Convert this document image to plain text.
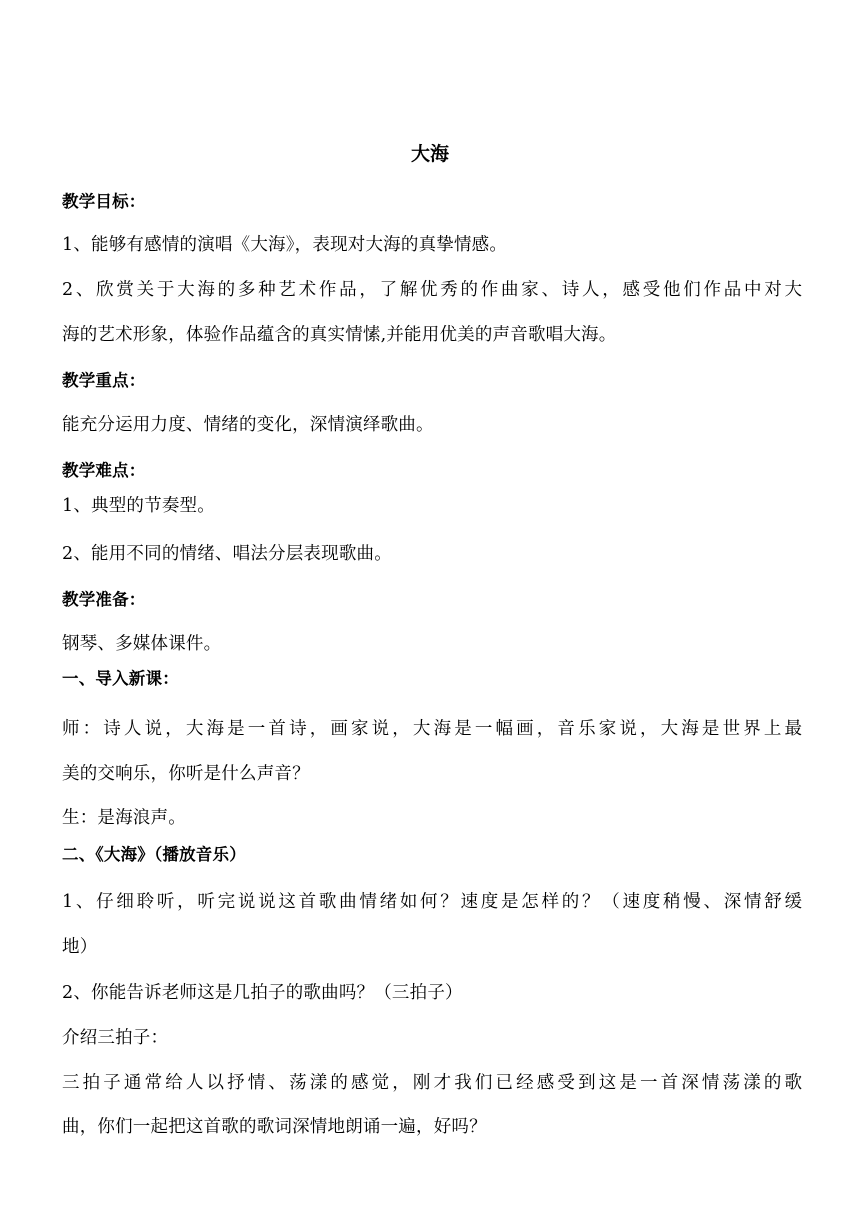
大海
教学目标：
1、能够有感情的演唱《大海》，表现对大海的真挚情感。
2、欣赏关于大海的多种艺术作品，了解优秀的作曲家、诗人，感受他们作品中对大
海的艺术形象，体验作品蕴含的真实情愫,并能用优美的声音歌唱大海。
教学重点：
能充分运用力度、情绪的变化，深情演绎歌曲。
教学难点：
1、典型的节奏型。
2、能用不同的情绪、唱法分层表现歌曲。
教学准备：
钢琴、多媒体课件。
一、导入新课：
师：诗人说，大海是一首诗，画家说，大海是一幅画，音乐家说，大海是世界上最
美的交响乐，你听是什么声音？
生：是海浪声。
二、《大海》（播放音乐）
1、仔细聆听，听完说说这首歌曲情绪如何？速度是怎样的？（速度稍慢、深情舒缓
地）
2、你能告诉老师这是几拍子的歌曲吗？（三拍子）
介绍三拍子：
三拍子通常给人以抒情、荡漾的感觉，刚才我们已经感受到这是一首深情荡漾的歌
曲，你们一起把这首歌的歌词深情地朗诵一遍，好吗？
